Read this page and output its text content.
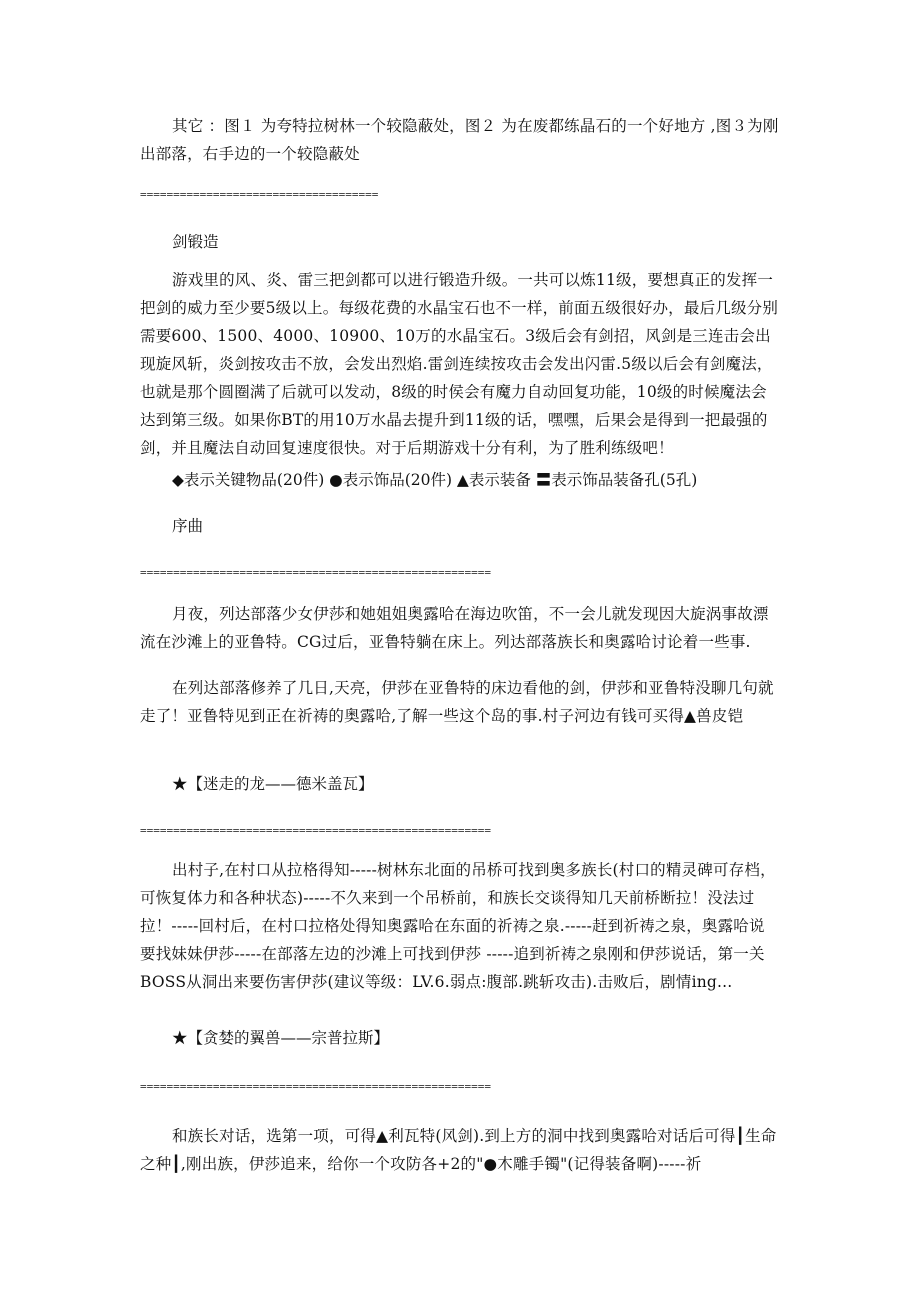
其它 ：图１ 为夸特拉树林一个较隐蔽处，图２ 为在废都练晶石的一个好地方 ,图３为刚出部落，右手边的一个较隐蔽处

====================================

剑锻造

游戏里的风、炎、雷三把剑都可以进行锻造升级。一共可以炼11级，要想真正的发挥一把剑的威力至少要5级以上。每级花费的水晶宝石也不一样，前面五级很好办，最后几级分别需要600、1500、4000、10900、10万的水晶宝石。3级后会有剑招，风剑是三连击会出现旋风斩，炎剑按攻击不放，会发出烈焰.雷剑连续按攻击会发出闪雷.5级以后会有剑魔法，也就是那个圆圈满了后就可以发动，8级的时侯会有魔力自动回复功能，10级的时候魔法会达到第三级。如果你BT的用10万水晶去提升到11级的话，嘿嘿，后果会是得到一把最强的剑，并且魔法自动回复速度很快。对于后期游戏十分有利，为了胜利练级吧！

◆表示关键物品(20件) ●表示饰品(20件) ▲表示装备 〓表示饰品装备孔(5孔)

序曲

=====================================================

月夜，列达部落少女伊莎和她姐姐奥露哈在海边吹笛，不一会儿就发现因大旋涡事故漂流在沙滩上的亚鲁特。CG过后，亚鲁特躺在床上。列达部落族长和奥露哈讨论着一些事.

在列达部落修养了几日,天亮，伊莎在亚鲁特的床边看他的剑，伊莎和亚鲁特没聊几句就走了！亚鲁特见到正在祈祷的奥露哈,了解一些这个岛的事.村子河边有钱可买得▲兽皮铠

★【迷走的龙——德米盖瓦】

=====================================================

出村子,在村口从拉格得知-----树林东北面的吊桥可找到奥多族长(村口的精灵碑可存档，可恢复体力和各种状态)-----不久来到一个吊桥前，和族长交谈得知几天前桥断拉！没法过拉！-----回村后，在村口拉格处得知奥露哈在东面的祈祷之泉.-----赶到祈祷之泉，奥露哈说要找妹妹伊莎-----在部落左边的沙滩上可找到伊莎 -----追到祈祷之泉刚和伊莎说话，第一关BOSS从洞出来要伤害伊莎(建议等级：LV.6.弱点:腹部.跳斩攻击).击败后，剧情ing...

★【贪婪的翼兽——宗普拉斯】

=====================================================

和族长对话，选第一项，可得▲利瓦特(风剑).到上方的洞中找到奥露哈对话后可得┃生命之种┃,刚出族，伊莎追来，给你一个攻防各+2的"●木雕手镯"(记得装备啊)-----祈
